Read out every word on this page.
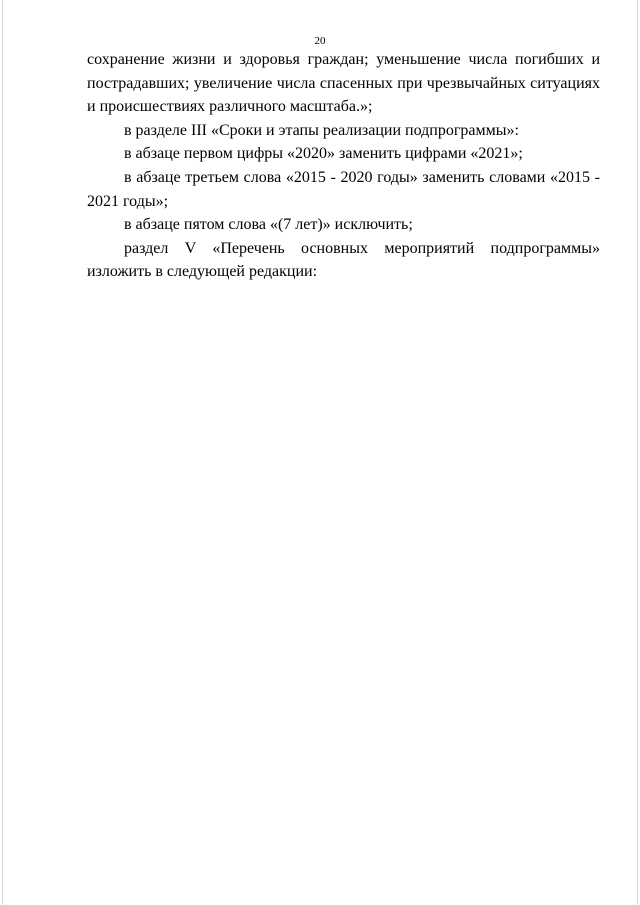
20

сохранение жизни и здоровья граждан; уменьшение числа погибших и пострадавших; увеличение числа спасенных при чрезвычайных ситуациях и происшествиях различного масштаба.»;

в разделе III «Сроки и этапы реализации подпрограммы»:

в абзаце первом цифры «2020» заменить цифрами «2021»;

в абзаце третьем слова «2015 - 2020 годы» заменить словами «2015 - 2021 годы»;

в абзаце пятом слова «(7 лет)» исключить;

раздел V «Перечень основных мероприятий подпрограммы» изложить в следующей редакции:
